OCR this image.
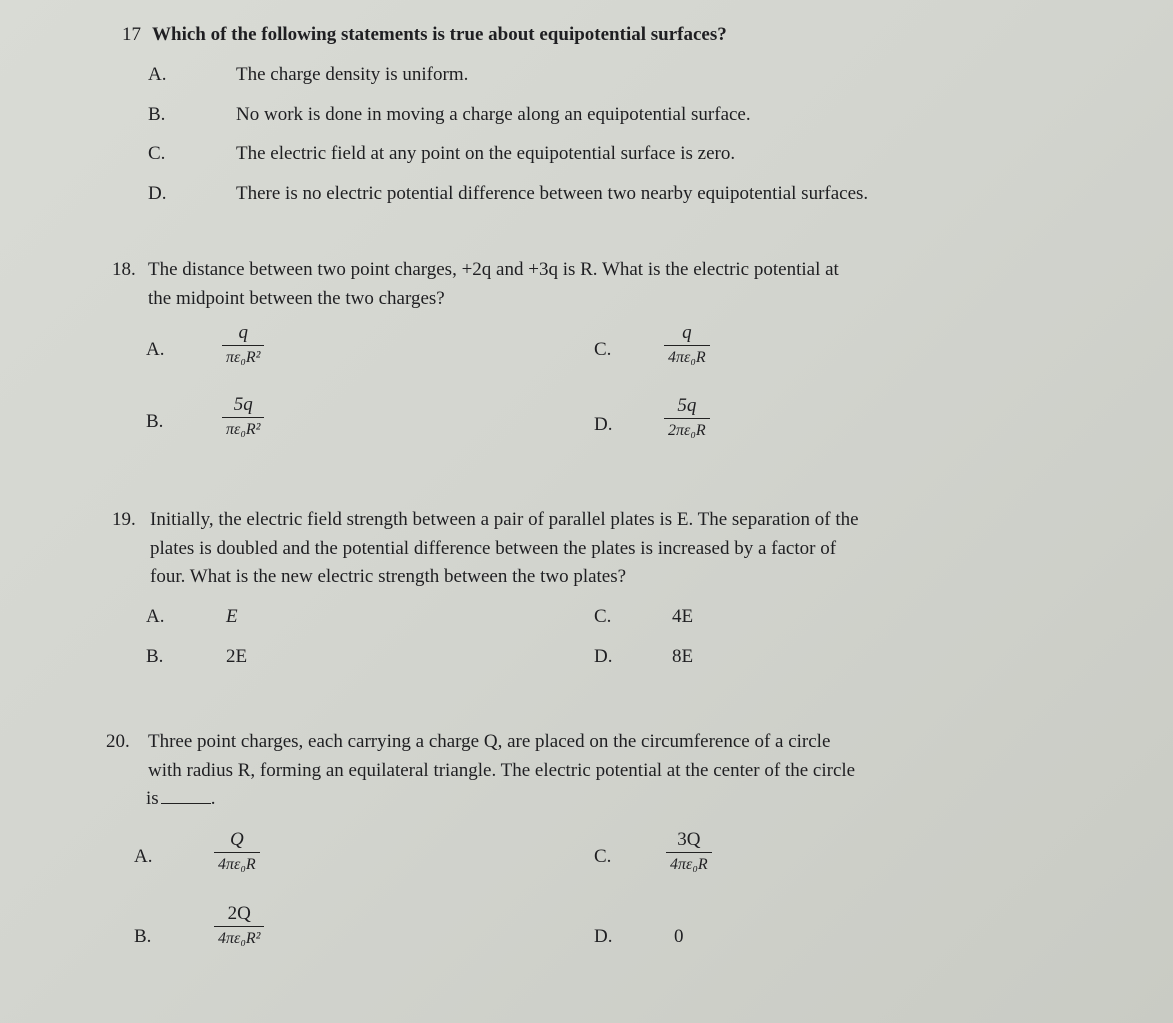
17 Which of the following statements is true about equipotential surfaces?
A.	The charge density is uniform.
B.	No work is done in moving a charge along an equipotential surface.
C.	The electric field at any point on the equipotential surface is zero.
D.	There is no electric potential difference between two nearby equipotential surfaces.
18. The distance between two point charges, +2q and +3q is R. What is the electric potential at
the midpoint between the two charges?
A.
q
πε₀R²
B.
5q
πε₀R²
C.
q
4πε₀R
D.
5q
2πε₀R
19. Initially, the electric field strength between a pair of parallel plates is E. The separation of the
plates is doubled and the potential difference between the plates is increased by a factor of
four. What is the new electric strength between the two plates?
A.	E
B.	2E
C.	4E
D.	8E
20. Three point charges, each carrying a charge Q, are placed on the circumference of a circle
with radius R, forming an equilateral triangle. The electric potential at the center of the circle
is	.
A.
Q
4πε₀R
B.
2Q
4πε₀R²
C.
3Q
4πε₀R
D.	0
